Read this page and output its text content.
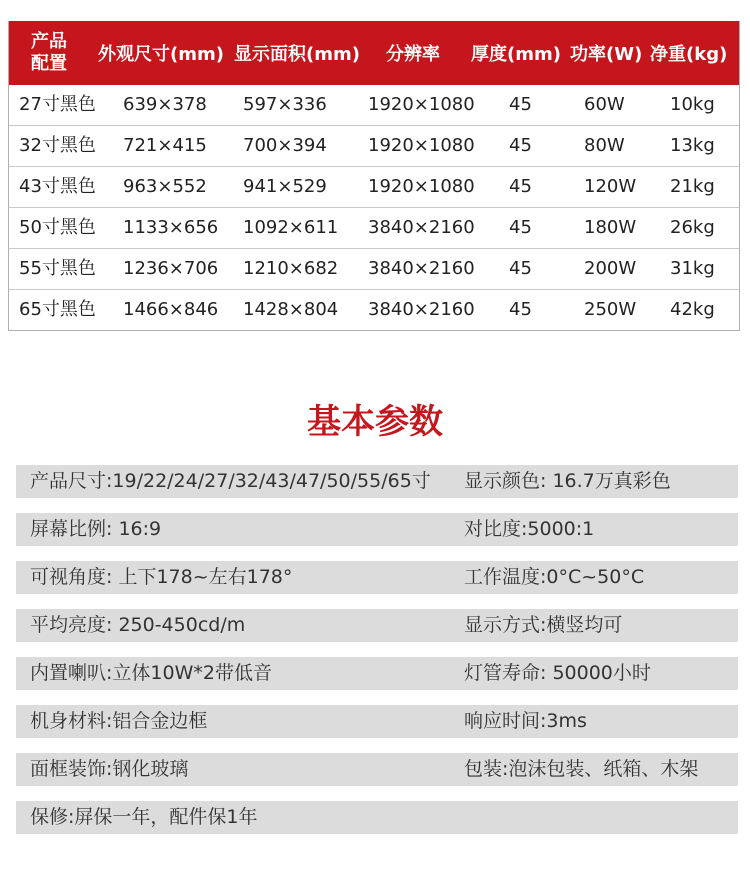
产品
配置	外观尺寸(mm) 显示面积(mm) 分辨率 厚度(mm) 功率(W) 净重(kg)
27寸黑色 639×378 597×336 1920×1080 45	60W	10kg
32寸黑色 721×415 700×394 1920×1080 45	80W	13kg
43寸黑色 963×552 941×529 1920×1080 45	120W 21kg
50寸黑色 1133×656 1092×611 3840×2160 45	180W 26kg
55寸黑色 1236×706 1210×682 3840×2160 45	200W 31kg
65寸黑色 1466×846 1428×804 3840×2160 45	250W 42kg
基本参数
产品尺寸:19/22/24/27/32/43/47/50/55/65寸 显示颜色: 16.7万真彩色
屏幕比例: 16:9	对比度:5000:1
可视角度: 上下178~左右178°	工作温度:0°C~50°C
平均亮度: 250-450cd/m	显示方式:横竖均可
内置喇叭:立体10W*2带低音	灯管寿命: 50000小时
机身材料:铝合金边框	响应时间:3ms
面框装饰:钢化玻璃	包装:泡沫包装、纸箱、木架
保修:屏保一年，配件保1年
